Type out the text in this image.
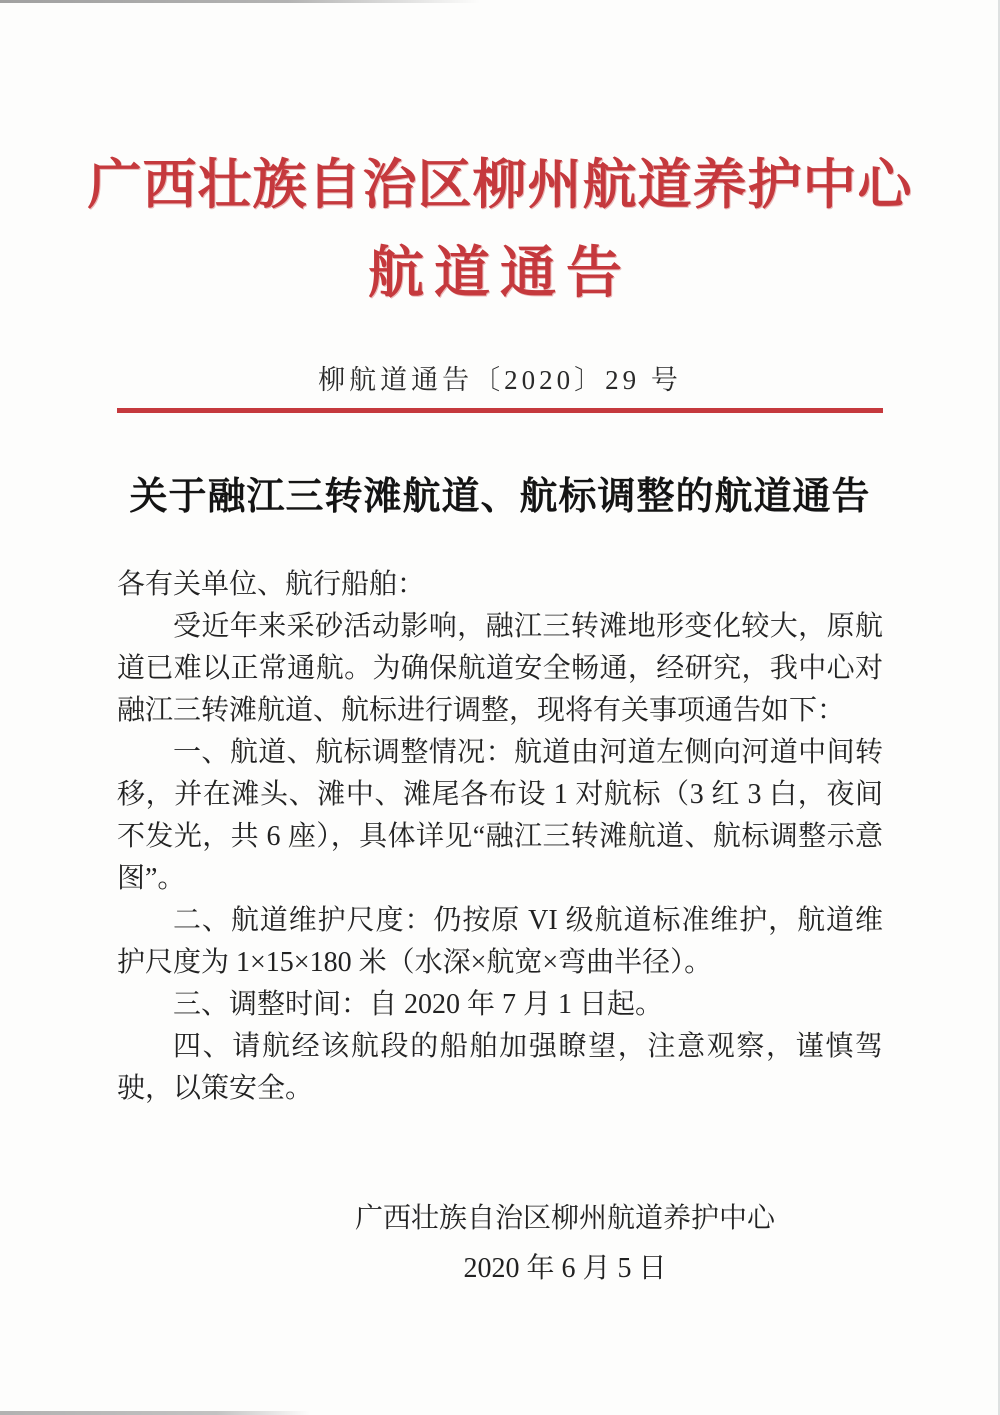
广西壮族自治区柳州航道养护中心
航道通告
柳航道通告〔2020〕29 号
关于融江三转滩航道、航标调整的航道通告

各有关单位、航行船舶：

受近年来采砂活动影响，融江三转滩地形变化较大，原航道已难以正常通航。为确保航道安全畅通，经研究，我中心对融江三转滩航道、航标进行调整，现将有关事项通告如下：

一、航道、航标调整情况：航道由河道左侧向河道中间转移，并在滩头、滩中、滩尾各布设 1 对航标（3 红 3 白，夜间不发光，共 6 座），具体详见“融江三转滩航道、航标调整示意图”。

二、航道维护尺度：仍按原 VI 级航道标准维护，航道维护尺度为 1×15×180 米（水深×航宽×弯曲半径）。

三、调整时间：自 2020 年 7 月 1 日起。

四、请航经该航段的船舶加强瞭望，注意观察，谨慎驾驶，以策安全。

广西壮族自治区柳州航道养护中心
2020 年 6 月 5 日
